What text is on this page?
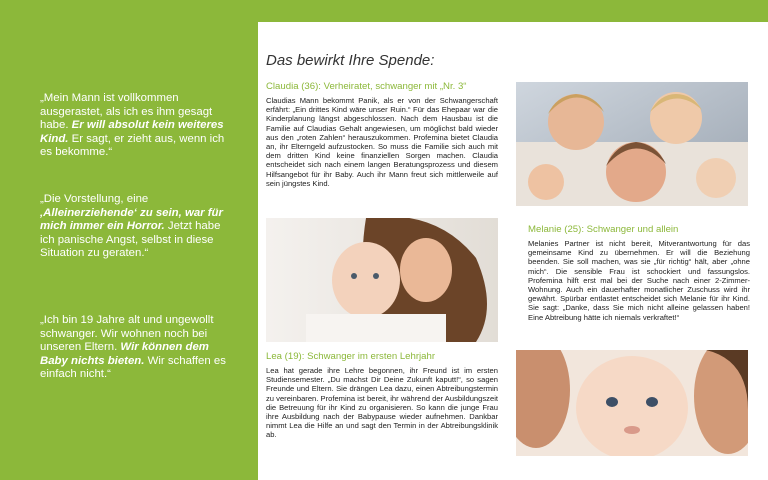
„Mein Mann ist vollkommen ausgerastet, als ich es ihm gesagt habe. Er will absolut kein weiteres Kind. Er sagt, er zieht aus, wenn ich es bekomme.“
„Die Vorstellung, eine ‚Alleinerziehende‘ zu sein, war für mich immer ein Horror. Jetzt habe ich panische Angst, selbst in diese Situation zu geraten.“
„Ich bin 19 Jahre alt und ungewollt schwanger. Wir wohnen noch bei unseren Eltern. Wir können dem Baby nichts bieten. Wir schaffen es einfach nicht.“
Das bewirkt Ihre Spende:
Claudia (36): Verheiratet, schwanger mit „Nr. 3“
Claudias Mann bekommt Panik, als er von der Schwangerschaft erfährt: „Ein drittes Kind wäre unser Ruin.“ Für das Ehepaar war die Kinderplanung längst abgeschlossen. Nach dem Hausbau ist die Familie auf Claudias Gehalt angewiesen, um möglichst bald wieder aus den „roten Zahlen“ herauszukommen. Profemina bietet Claudia an, ihr Elterngeld aufzustocken. So muss die Familie sich auch mit dem dritten Kind keine finanziellen Sorgen machen. Claudia entscheidet sich nach einem langen Beratungsprozess und diesem Hilfsangebot für ihr Baby. Auch ihr Mann freut sich mittlerweile auf sein jüngstes Kind.
Melanie (25): Schwanger und allein
Melanies Partner ist nicht bereit, Mitverantwortung für das gemeinsame Kind zu übernehmen. Er will die Beziehung beenden. Sie soll machen, was sie „für richtig“ hält, aber „ohne mich“. Die sensible Frau ist schockiert und fassungslos. Profemina hilft erst mal bei der Suche nach einer 2-Zimmer-Wohnung. Auch ein dauerhafter monatlicher Zuschuss wird ihr gewährt. Spürbar entlastet entscheidet sich Melanie für ihr Kind. Sie sagt: „Danke, dass Sie mich nicht alleine gelassen haben! Eine Abtreibung hätte ich niemals verkraftet!“
Lea (19): Schwanger im ersten Lehrjahr
Lea hat gerade ihre Lehre begonnen, ihr Freund ist im ersten Studiensemester. „Du machst Dir Deine Zukunft kaputt!“, so sagen Freunde und Eltern. Sie drängen Lea dazu, einen Abtreibungstermin zu vereinbaren. Profemina ist bereit, ihr während der Ausbildungszeit die Betreuung für ihr Kind zu organisieren. So kann die junge Frau ihre Ausbildung nach der Babypause wieder aufnehmen. Dankbar nimmt Lea die Hilfe an und sagt den Termin in der Abtreibungsklinik ab.
